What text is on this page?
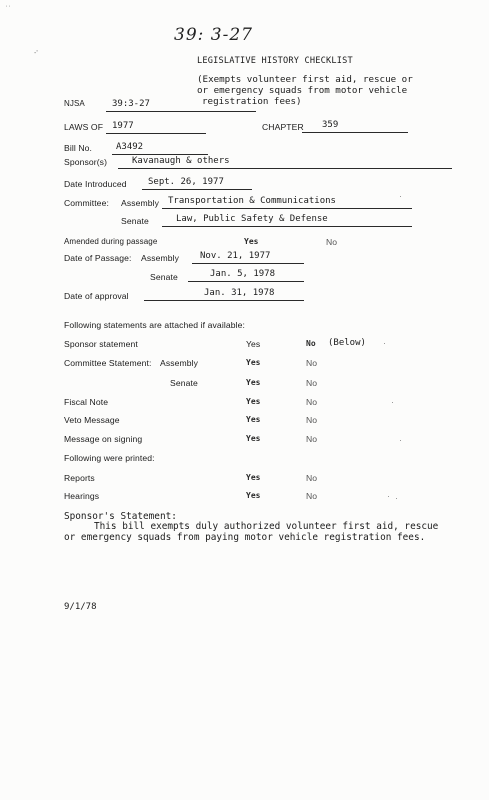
' '
-'
39: 3-27
LEGISLATIVE HISTORY CHECKLIST
(Exempts volunteer first aid, rescue or
or emergency squads from motor vehicle
registration fees)
NJSA	39:3-27
LAWS OF 1977	CHAPTER 359
Bill No.	A3492
Sponsor(s)	Kavanaugh & others
Date Introduced Sept. 26, 1977
Committee: Assembly Transportation & Communications
Senate	Law, Public Safety & Defense
Amended during passage	Yes	No
Date of Passage: Assembly Nov. 21, 1977
Senate	Jan. 5, 1978
Date of approval	Jan. 31, 1978
Following statements are attached if available:
Sponsor statement	Yes	No (Below)
Committee Statement: Assembly	Yes	No
Senate	Yes	No
Fiscal Note	Yes	No
Veto Message	Yes	No
Message on signing	Yes	No
Following were printed:
Reports	Yes	No
Hearings	Yes	No
Sponsor's Statement:
This bill exempts duly authorized volunteer first aid, rescue
or emergency squads from paying motor vehicle registration fees.
9/1/78
